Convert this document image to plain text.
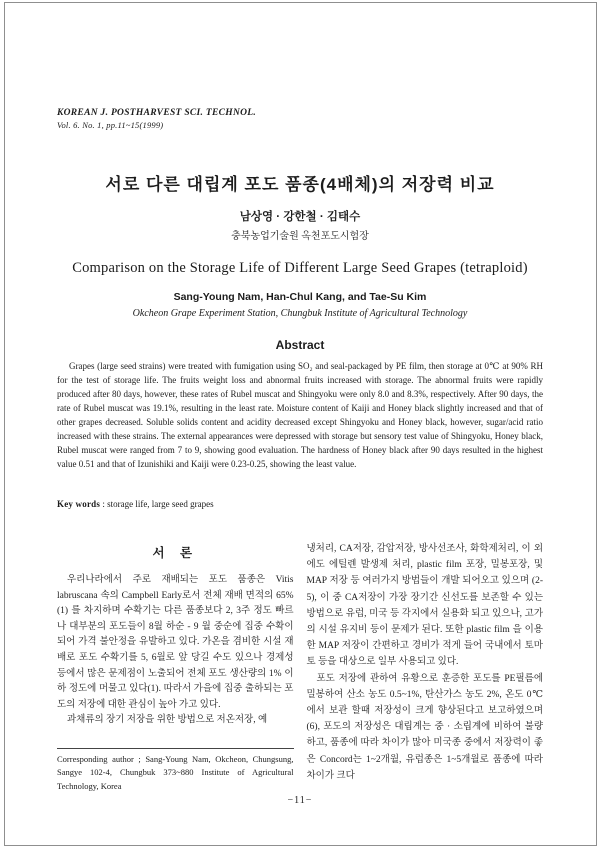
KOREAN J. POSTHARVEST SCI. TECHNOL.
Vol. 6. No. 1, pp.11~15(1999)
서로 다른 대립계 포도 품종(4배체)의 저장력 비교
남상영 · 강한철 · 김태수
충북농업기술원 옥천포도시험장
Comparison on the Storage Life of Different Large Seed Grapes (tetraploid)
Sang-Young Nam, Han-Chul Kang, and Tae-Su Kim
Okcheon Grape Experiment Station, Chungbuk Institute of Agricultural Technology
Abstract
Grapes (large seed strains) were treated with fumigation using SO₂ and seal-packaged by PE film, then storage at 0℃ at 90% RH for the test of storage life. The fruits weight loss and abnormal fruits increased with storage. The abnormal fruits were rapidly produced after 80 days, however, these rates of Rubel muscat and Shingyoku were only 8.0 and 8.3%, respectively. After 90 days, the rate of Rubel muscat was 19.1%, resulting in the least rate. Moisture content of Kaiji and Honey black slightly increased and that of other grapes decreased. Soluble solids content and acidity decreased except Shingyoku and Honey black, however, sugar/acid ratio increased with these strains. The external appearances were depressed with storage but sensory test value of Shingyoku, Honey black, Rubel muscat were ranged from 7 to 9, showing good evaluation. The hardness of Honey black after 90 days resulted in the highest value 0.51 and that of Izunishiki and Kaiji were 0.23-0.25, showing the least value.
Key words : storage life, large seed grapes
서 론

우리나라에서 주로 재배되는 포도 품종은 Vitis labruscana 속의 Campbell Early로서 전체 재배 면적의 65% (1) 를 차지하며 수확기는 다른 품종보다 2, 3주 정도 빠르나 대부분의 포도들이 8월 하순 - 9 월 중순에 집중 수확이 되어 가격 불안정을 유발하고 있다. 가온을 겸비한 시설 재배로 포도 수확기를 5, 6월로 앞 당길 수도 있으나 경제성 등에서 많은 문제점이 노출되어 전체 포도 생산량의 1% 이하 정도에 머물고 있다(1). 따라서 가을에 집중 출하되는 포도의 저장에 대한 관심이 높아 가고 있다.

과채류의 장기 저장을 위한 방법으로 저온저장, 예

Corresponding author ; Sang-Young Nam, Okcheon, Chungsung, Sangye 102-4, Chungbuk 373~880 Institute of Agricultural Technology, Korea

냉처리, CA저장, 감압저장, 방사선조사, 화학제처리, 이 외에도 에틸렌 발생제 처리, plastic film 포장, 밀봉포장, 및 MAP 저장 등 여러가지 방법들이 개발 되어오고 있으며 (2-5), 이 중 CA저장이 가장 장기간 신선도를 보존할 수 있는 방법으로 유럽, 미국 등 각지에서 실용화 되고 있으나, 고가의 시설 유지비 등이 문제가 된다. 또한 plastic film 을 이용한 MAP 저장이 간편하고 경비가 적게 들어 국내에서 토마토 등을 대상으로 일부 사용되고 있다.

포도 저장에 관하여 유황으로 훈증한 포도를 PE필름에 밀봉하여 산소 농도 0.5~1%, 탄산가스 농도 2%, 온도 0℃ 에서 보관 할때 저장성이 크게 향상된다고 보고하였으며(6), 포도의 저장성은 대립계는 중 · 소립계에 비하여 불량하고, 품종에 따라 차이가 많아 미국종 중에서 저장력이 좋은 Concord는 1~2개월, 유럽종은 1~5개월로 품종에 따라 차이가 크다

−11−
